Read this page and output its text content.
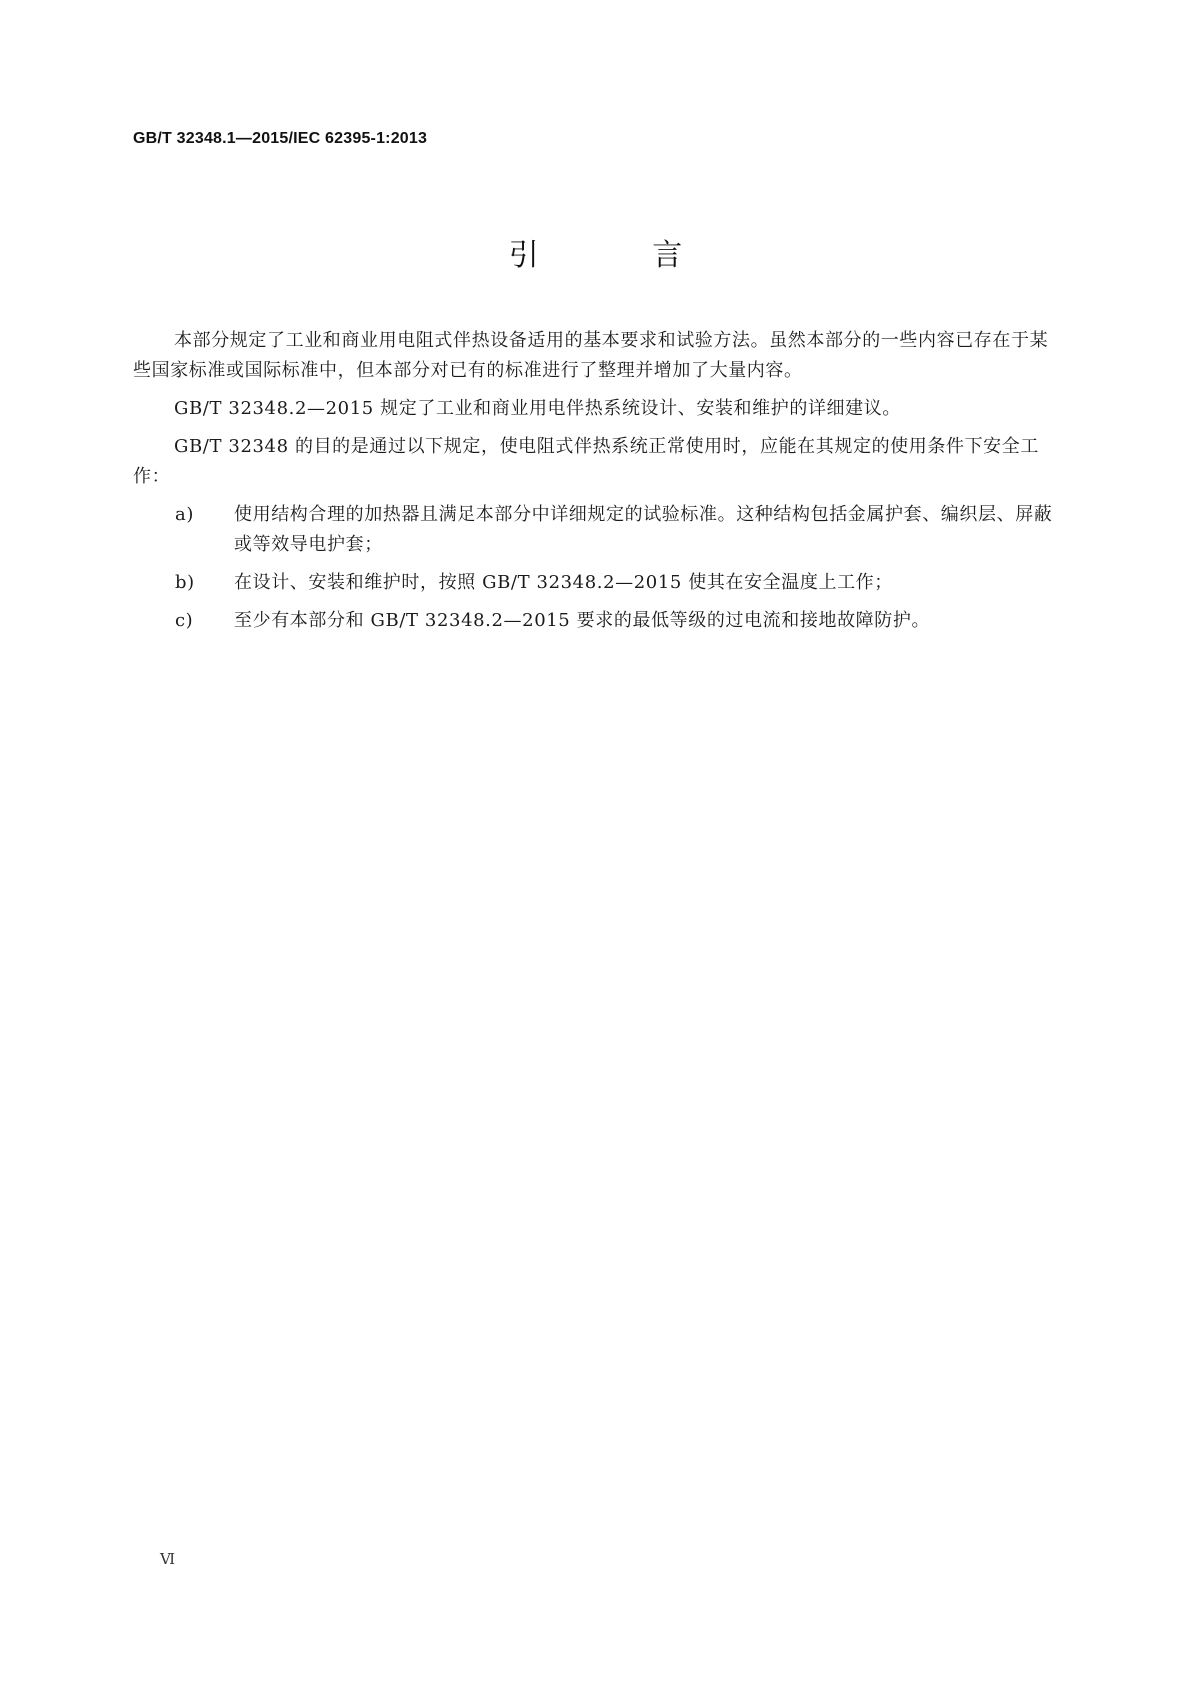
GB/T 32348.1—2015/IEC 62395-1:2013
引 言

本部分规定了工业和商业用电阻式伴热设备适用的基本要求和试验方法。虽然本部分的一些内容已存在于某些国家标准或国际标准中，但本部分对已有的标准进行了整理并增加了大量内容。

GB/T 32348.2—2015 规定了工业和商业用电伴热系统设计、安装和维护的详细建议。

GB/T 32348 的目的是通过以下规定，使电阻式伴热系统正常使用时，应能在其规定的使用条件下安全工作：

a)	使用结构合理的加热器且满足本部分中详细规定的试验标准。这种结构包括金属护套、编织层、屏蔽或等效导电护套；
b)	在设计、安装和维护时，按照 GB/T 32348.2—2015 使其在安全温度上工作；
c)	至少有本部分和 GB/T 32348.2—2015 要求的最低等级的过电流和接地故障防护。
Ⅵ
